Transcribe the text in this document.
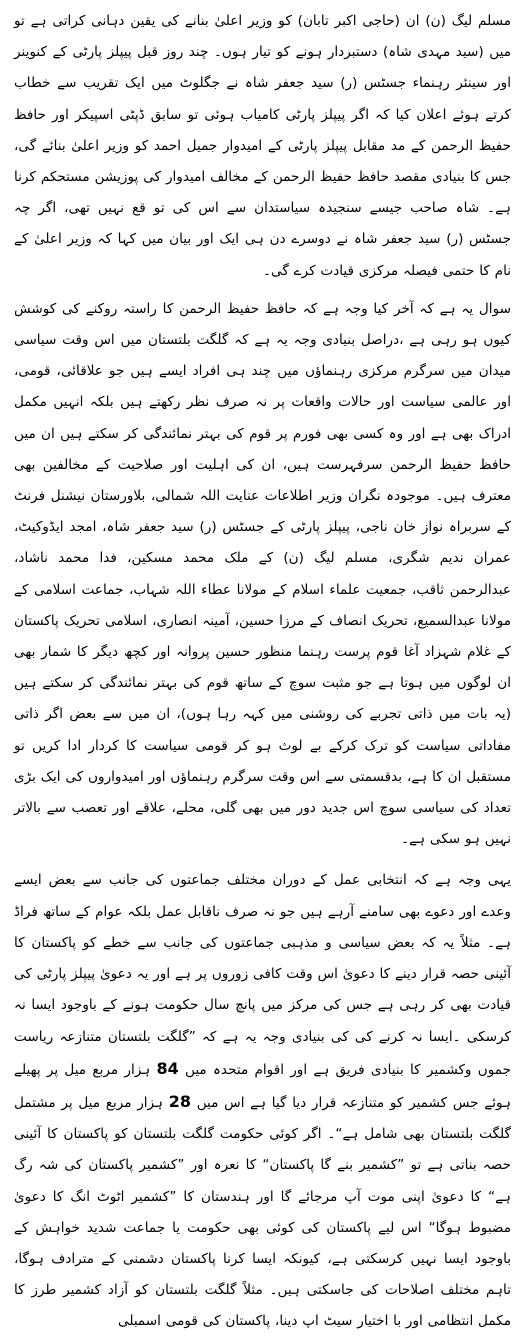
مسلم لیگ (ن) ان (حاجی اکبر تابان) کو وزیر اعلیٰ بنانے کی یقین دہانی کراتی ہے تو میں (سید مہدی شاہ) دستبردار ہونے کو تیار ہوں۔ چند روز قبل پیپلز پارٹی کے کنوینر اور سینئر رہنماء جسٹس (ر) سید جعفر شاہ نے جگلوٹ میں ایک تقریب سے خطاب کرتے ہوئے اعلان کیا کہ اگر پیپلز پارٹی کامیاب ہوئی تو سابق ڈپٹی اسپیکر اور حافظ حفیظ الرحمن کے مد مقابل پیپلز پارٹی کے امیدوار جمیل احمد کو وزیر اعلیٰ بنائے گی، جس کا بنیادی مقصد حافظ حفیظ الرحمن کے مخالف امیدوار کی پوزیشن مستحکم کرنا ہے۔ شاہ صاحب جیسے سنجیدہ سیاستدان سے اس کی تو قع نہیں تھی، اگر چہ جسٹس (ر) سید جعفر شاہ نے دوسرے دن ہی ایک اور بیان میں کہا کہ وزیر اعلیٰ کے نام کا حتمی فیصلہ مرکزی قیادت کرے گی۔

سوال یہ ہے کہ آخر کیا وجہ ہے کہ حافظ حفیظ الرحمن کا راستہ روکنے کی کوشش کیوں ہو رہی ہے ،دراصل بنیادی وجہ یہ ہے کہ گلگت بلتستان میں اس وقت سیاسی میدان میں سرگرم مرکزی رہنماؤں میں چند ہی افراد ایسے ہیں جو علاقائی، قومی، اور عالمی سیاست اور حالات واقعات پر نہ صرف نظر رکھتے ہیں بلکہ انہیں مکمل ادراک بھی ہے اور وہ کسی بھی فورم پر قوم کی بہتر نمائندگی کر سکتے ہیں ان میں حافظ حفیظ الرحمن سرفہرست ہیں، ان کی اہلیت اور صلاحیت کے مخالفین بھی معترف ہیں۔ موجودہ نگران وزیر اطلاعات عنایت اللہ شمالی، بلاورستان نیشنل فرنٹ کے سربراہ نواز خان ناجی، پیپلز پارٹی کے جسٹس (ر) سید جعفر شاہ، امجد ایڈوکیٹ، عمران ندیم شگری، مسلم لیگ (ن) کے ملک محمد مسکین، فدا محمد ناشاد، عبدالرحمن ثاقب، جمعیت علماء اسلام کے مولانا عطاء اللہ شہاب، جماعت اسلامی کے مولانا عبدالسمیع، تحریک انصاف کے مرزا حسین، آمینہ انصاری، اسلامی تحریک پاکستان کے غلام شہزاد آغا قوم پرست رہنما منظور حسین پروانہ اور کچھ دیگر کا شمار بھی ان لوگوں میں ہوتا ہے جو مثبت سوچ کے ساتھ قوم کی بہتر نمائندگی کر سکتے ہیں (یہ بات میں ذاتی تجربے کی روشنی میں کہہ رہا ہوں)، ان میں سے بعض اگر ذاتی مفاداتی سیاست کو ترک کرکے بے لوث ہو کر قومی سیاست کا کردار ادا کریں تو مستقبل ان کا ہے، بدقسمتی سے اس وقت سرگرم رہنماؤں اور امیدواروں کی ایک بڑی تعداد کی سیاسی سوچ اس جدید دور میں بھی گلی، محلے، علاقے اور تعصب سے بالاتر نہیں ہو سکی ہے۔

یہی وجہ ہے کہ انتخابی عمل کے دوران مختلف جماعتوں کی جانب سے بعض ایسے وعدے اور دعوے بھی سامنے آرہے ہیں جو نہ صرف ناقابل عمل بلکہ عوام کے ساتھ فراڈ ہے۔ مثلاً یہ کہ بعض سیاسی و مذہبی جماعتوں کی جانب سے خطے کو پاکستان کا آئینی حصہ قرار دینے کا دعویٰ اس وقت کافی زوروں پر ہے اور یہ دعویٰ پیپلز پارٹی کی قیادت بھی کر رہی ہے جس کی مرکز میں پانچ سال حکومت ہونے کے باوجود ایسا نہ کرسکی ۔ایسا نہ کرنے کی کی بنیادی وجہ یہ ہے کہ ”گلگت بلتستان متنازعہ ریاست جموں وکشمیر کا بنیادی فریق ہے اور اقوام متحدہ میں 84 ہزار مربع میل پر پھیلے ہوئے جس کشمیر کو متنازعہ قرار دیا گیا ہے اس میں 28 ہزار مربع میل پر مشتمل گلگت بلتستان بھی شامل ہے“۔ اگر کوئی حکومت گلگت بلتستان کو پاکستان کا آئینی حصہ بناتی ہے تو ”کشمیر بنے گا پاکستان“ کا نعرہ اور ”کشمیر پاکستان کی شہ رگ ہے“ کا دعویٰ اپنی موت آپ مرجائے گا اور ہندستان کا ”کشمیر اٹوٹ انگ کا دعویٰ مضبوط ہوگا“ اس لیے پاکستان کی کوئی بھی حکومت یا جماعت شدید خواہش کے باوجود ایسا نہیں کرسکتی ہے، کیونکہ ایسا کرنا پاکستان دشمنی کے مترادف ہوگا، تاہم مختلف اصلاحات کی جاسکتی ہیں۔ مثلاً گلگت بلتستان کو آزاد کشمیر طرز کا مکمل انتظامی اور با اختیار سیٹ اپ دینا، پاکستان کی قومی اسمبلی
